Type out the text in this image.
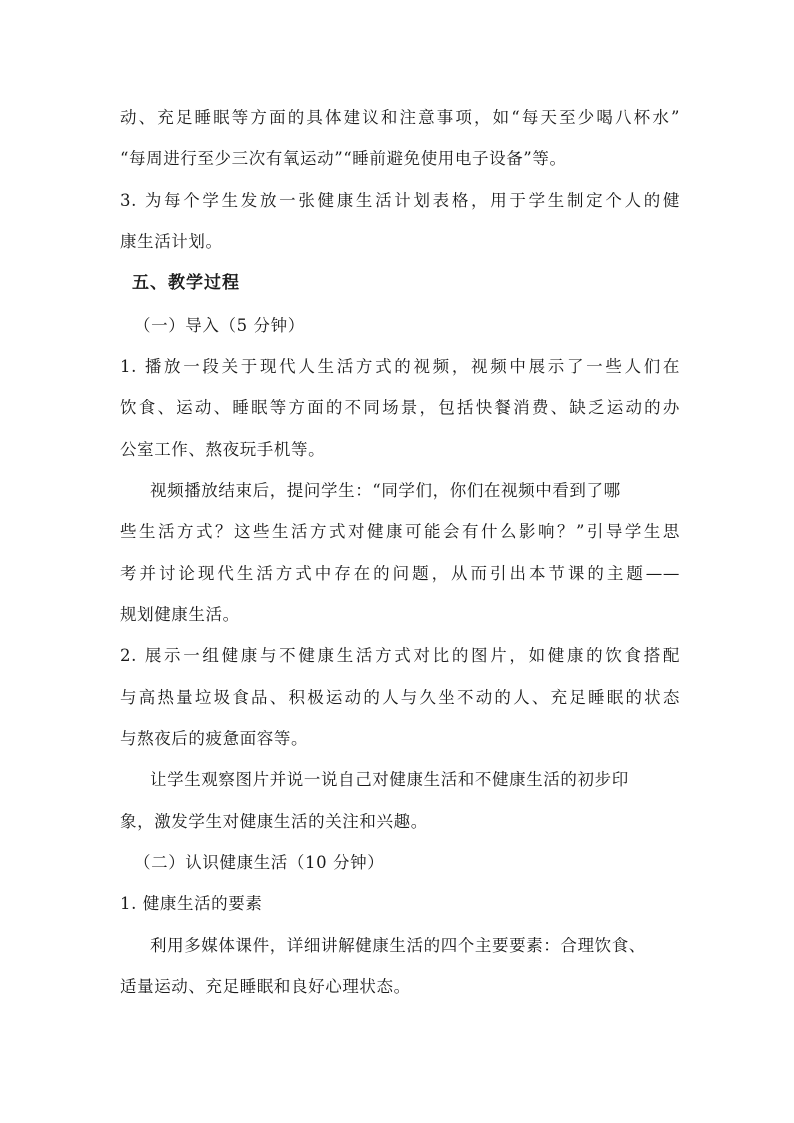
动、充足睡眠等方面的具体建议和注意事项，如“每天至少喝八杯水”
“每周进行至少三次有氧运动”“睡前避免使用电子设备”等。
3. 为每个学生发放一张健康生活计划表格，用于学生制定个人的健
康生活计划。
五、教学过程
（一）导入（5 分钟）
1. 播放一段关于现代人生活方式的视频，视频中展示了一些人们在
饮食、运动、睡眠等方面的不同场景，包括快餐消费、缺乏运动的办
公室工作、熬夜玩手机等。
视频播放结束后，提问学生：“同学们，你们在视频中看到了哪
些生活方式？这些生活方式对健康可能会有什么影响？”引导学生思
考并讨论现代生活方式中存在的问题，从而引出本节课的主题——
规划健康生活。
2. 展示一组健康与不健康生活方式对比的图片，如健康的饮食搭配
与高热量垃圾食品、积极运动的人与久坐不动的人、充足睡眠的状态
与熬夜后的疲惫面容等。
让学生观察图片并说一说自己对健康生活和不健康生活的初步印
象，激发学生对健康生活的关注和兴趣。
（二）认识健康生活（10 分钟）
1. 健康生活的要素
利用多媒体课件，详细讲解健康生活的四个主要要素：合理饮食、
适量运动、充足睡眠和良好心理状态。
